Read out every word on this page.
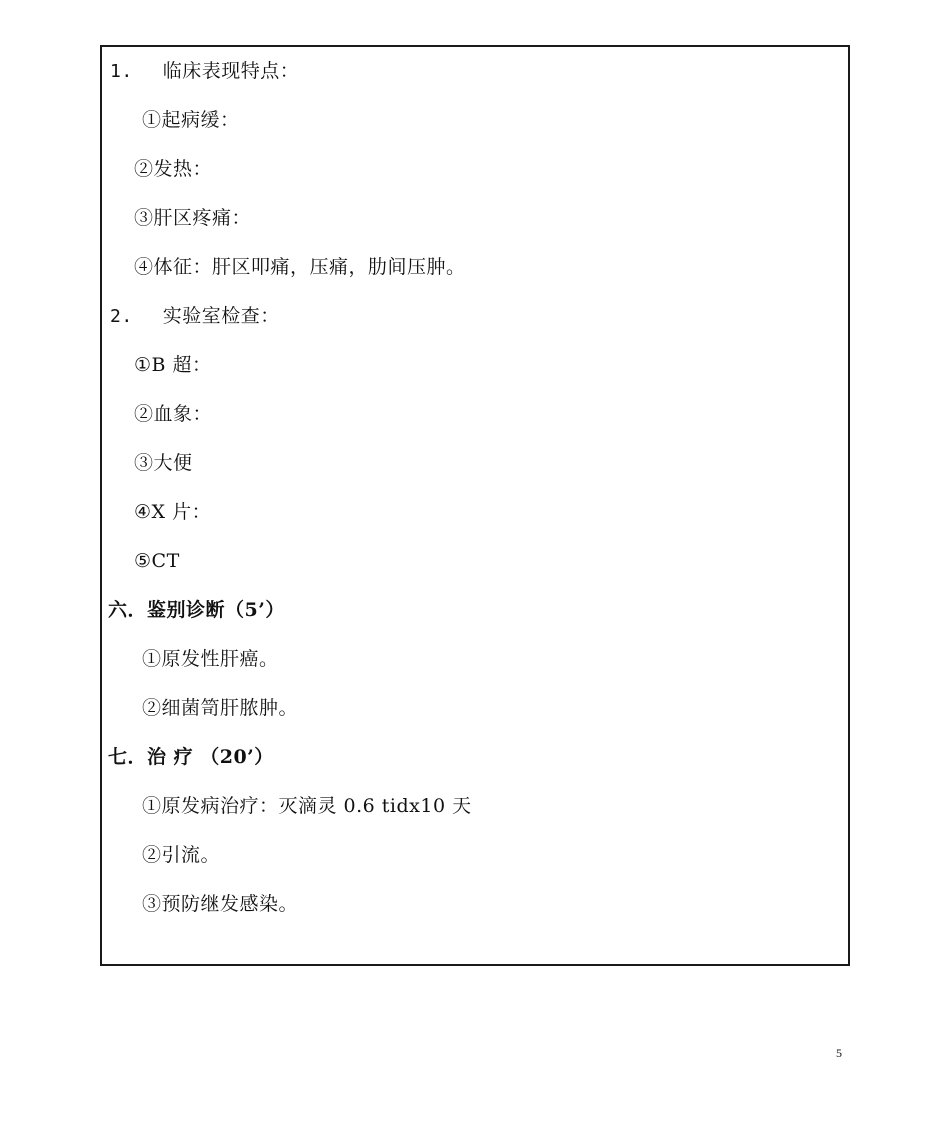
1. 临床表现特点：
①起病缓：
②发热：
③肝区疼痛：
④体征：肝区叩痛，压痛，肋间压肿。
2. 实验室检查：
①B 超：
②血象：
③大便
④X 片：
⑤CT
六．鉴别诊断（5’）
①原发性肝癌。
②细菌笥肝脓肿。
七．治 疗 （20’）
①原发病治疗：灭滴灵 0.6 tidx10 天
②引流。
③预防继发感染。
5
